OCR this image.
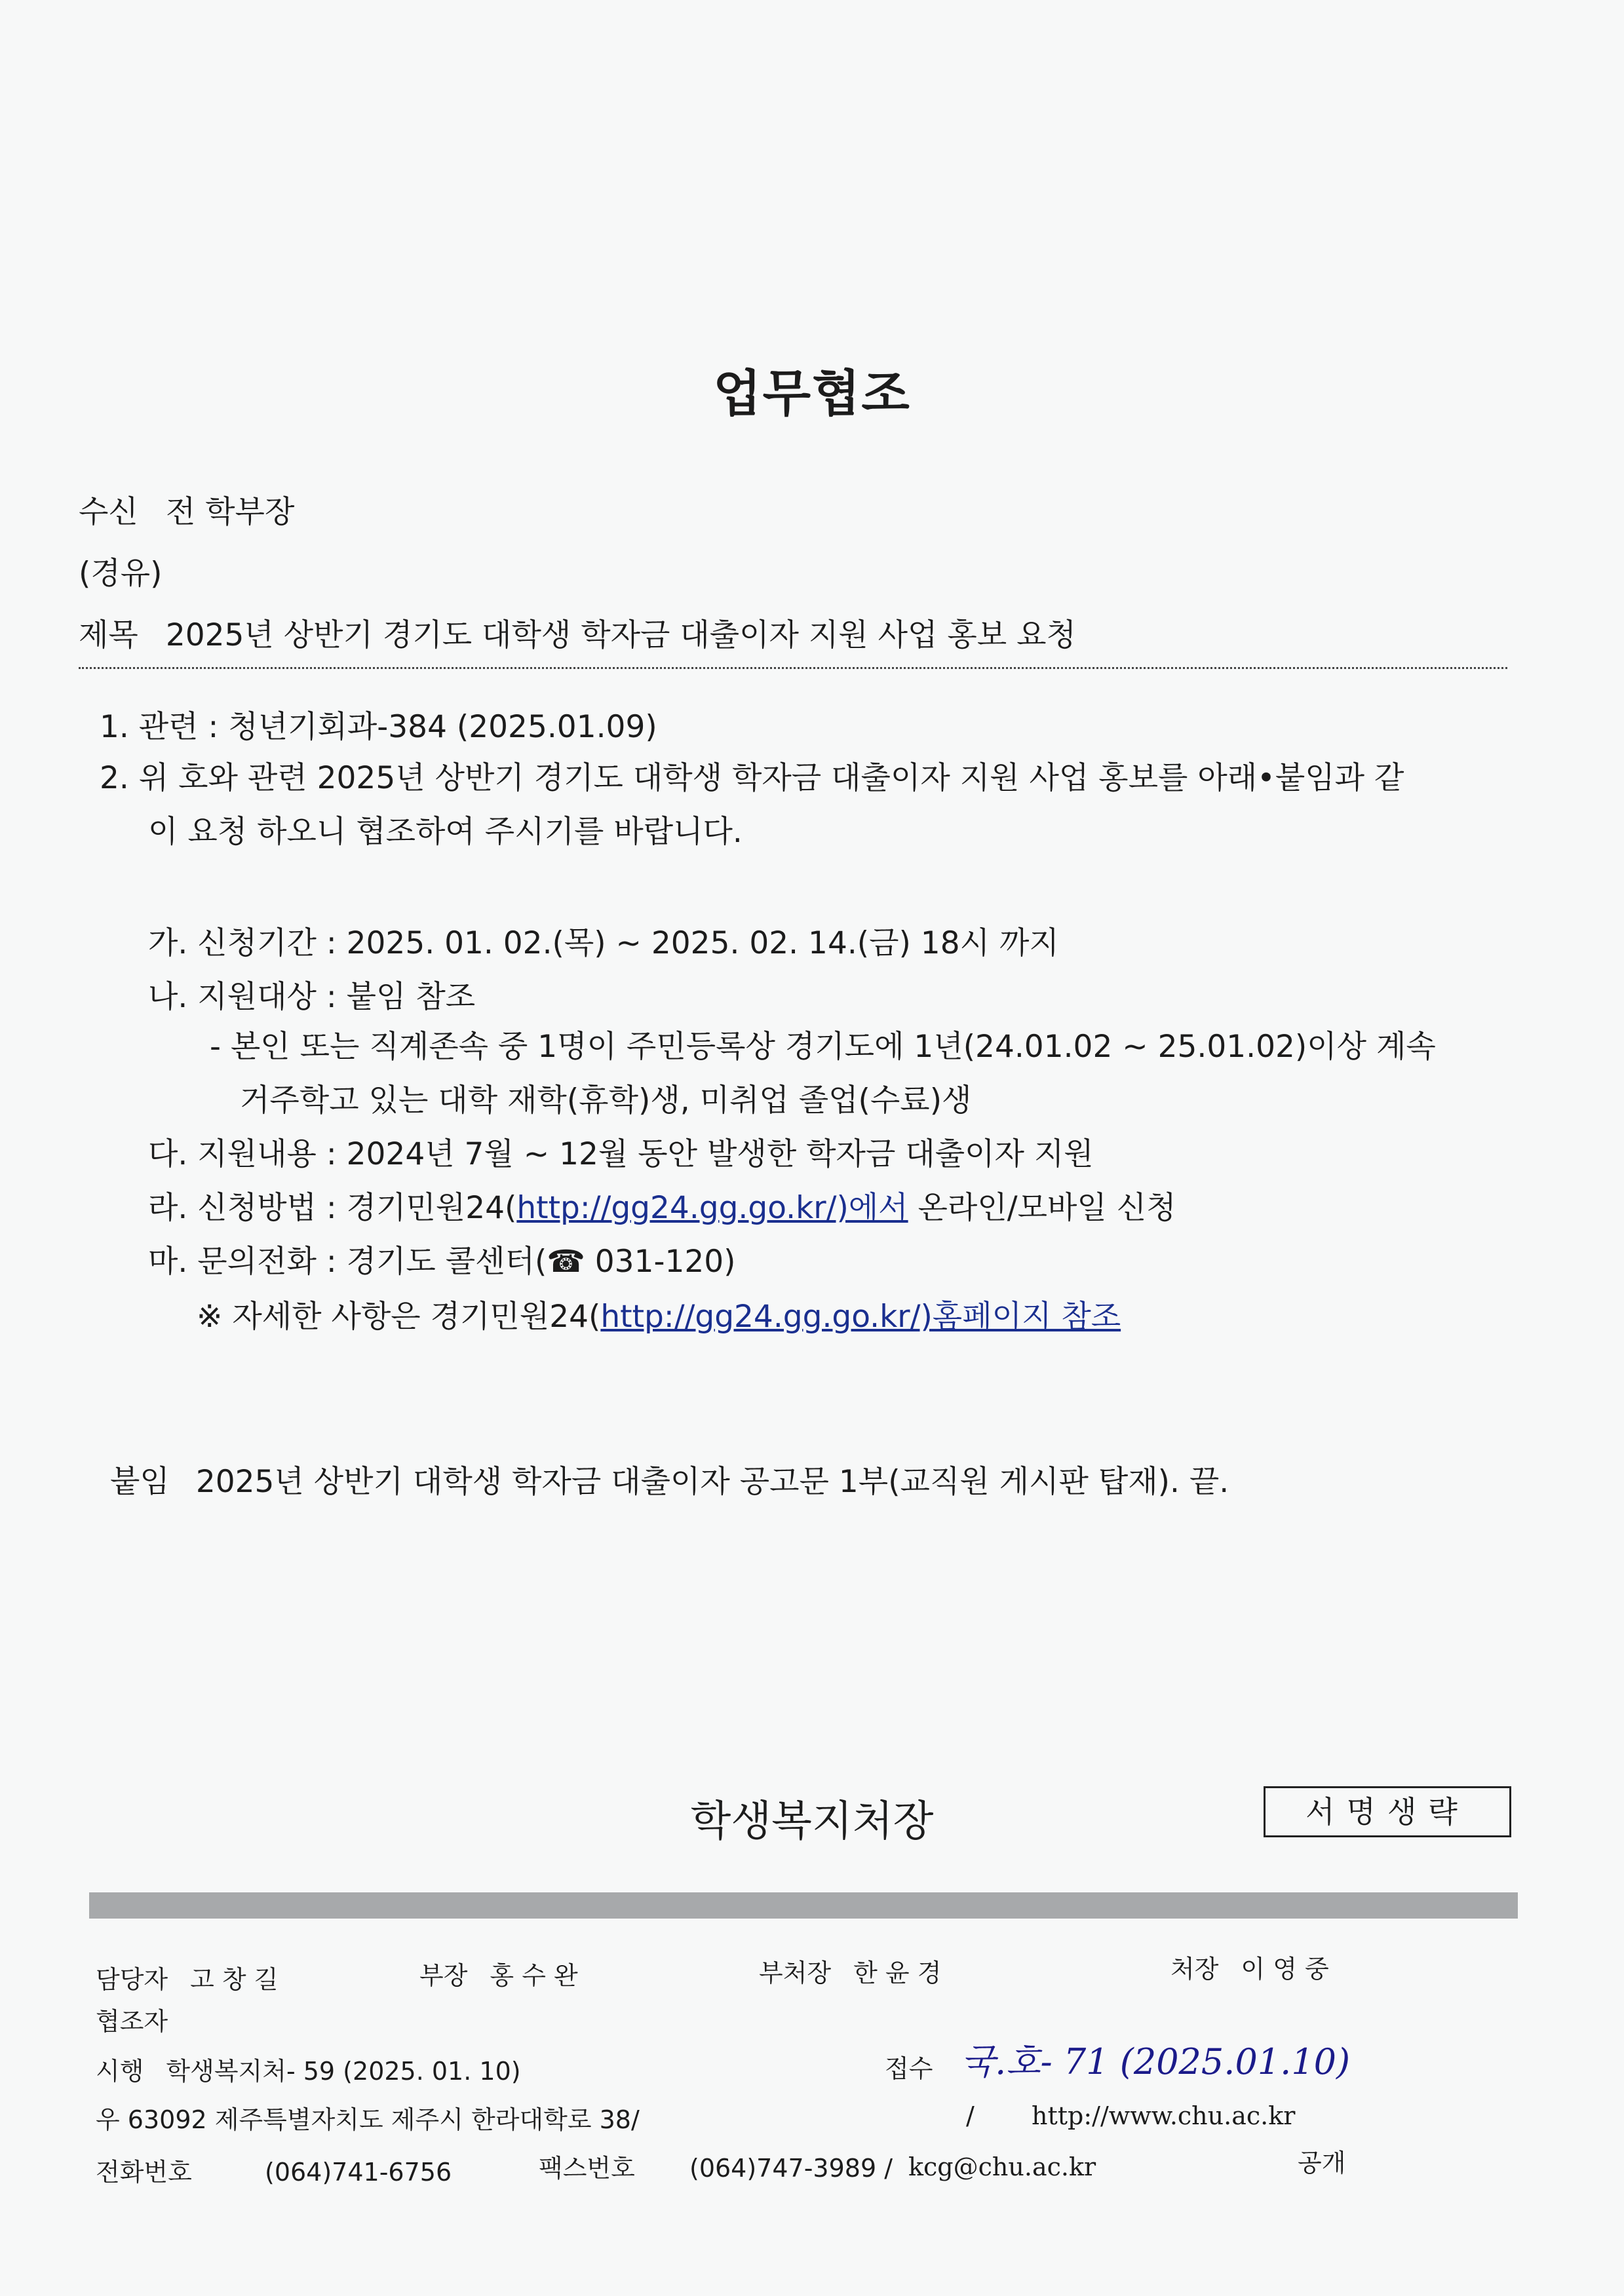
업무협조
수신 전 학부장
(경유)
제목 2025년 상반기 경기도 대학생 학자금 대출이자 지원 사업 홍보 요청
1. 관련 : 청년기회과-384 (2025.01.09)
2. 위 호와 관련 2025년 상반기 경기도 대학생 학자금 대출이자 지원 사업 홍보를 아래•붙임과 같
이 요청 하오니 협조하여 주시기를 바랍니다.
가. 신청기간 : 2025. 01. 02.(목) ~ 2025. 02. 14.(금) 18시 까지
나. 지원대상 : 붙임 참조
- 본인 또는 직계존속 중 1명이 주민등록상 경기도에 1년(24.01.02 ~ 25.01.02)이상 계속
거주학고 있는 대학 재학(휴학)생, 미취업 졸업(수료)생
다. 지원내용 : 2024년 7월 ~ 12월 동안 발생한 학자금 대출이자 지원
라. 신청방법 : 경기민원24(http://gg24.gg.go.kr/)에서 온라인/모바일 신청
마. 문의전화 : 경기도 콜센터(☎ 031-120)
※ 자세한 사항은 경기민원24(http://gg24.gg.go.kr/)홈페이지 참조
붙임 2025년 상반기 대학생 학자금 대출이자 공고문 1부(교직원 게시판 탑재). 끝.
학생복지처장	서명생략
담당자 고 창 길	부장 홍 수 완	부처장 한 윤 경	처장 이 영 중
협조자
시행 학생복지처- 59 (2025. 01. 10)	접수 국.호- 71 (2025.01.10)
우 63092 제주특별자치도 제주시 한라대학로 38/	/ http://www.chu.ac.kr
전화번호	(064)741-6756	팩스번호 (064)747-3989 / kcg@chu.ac.kr	공개
